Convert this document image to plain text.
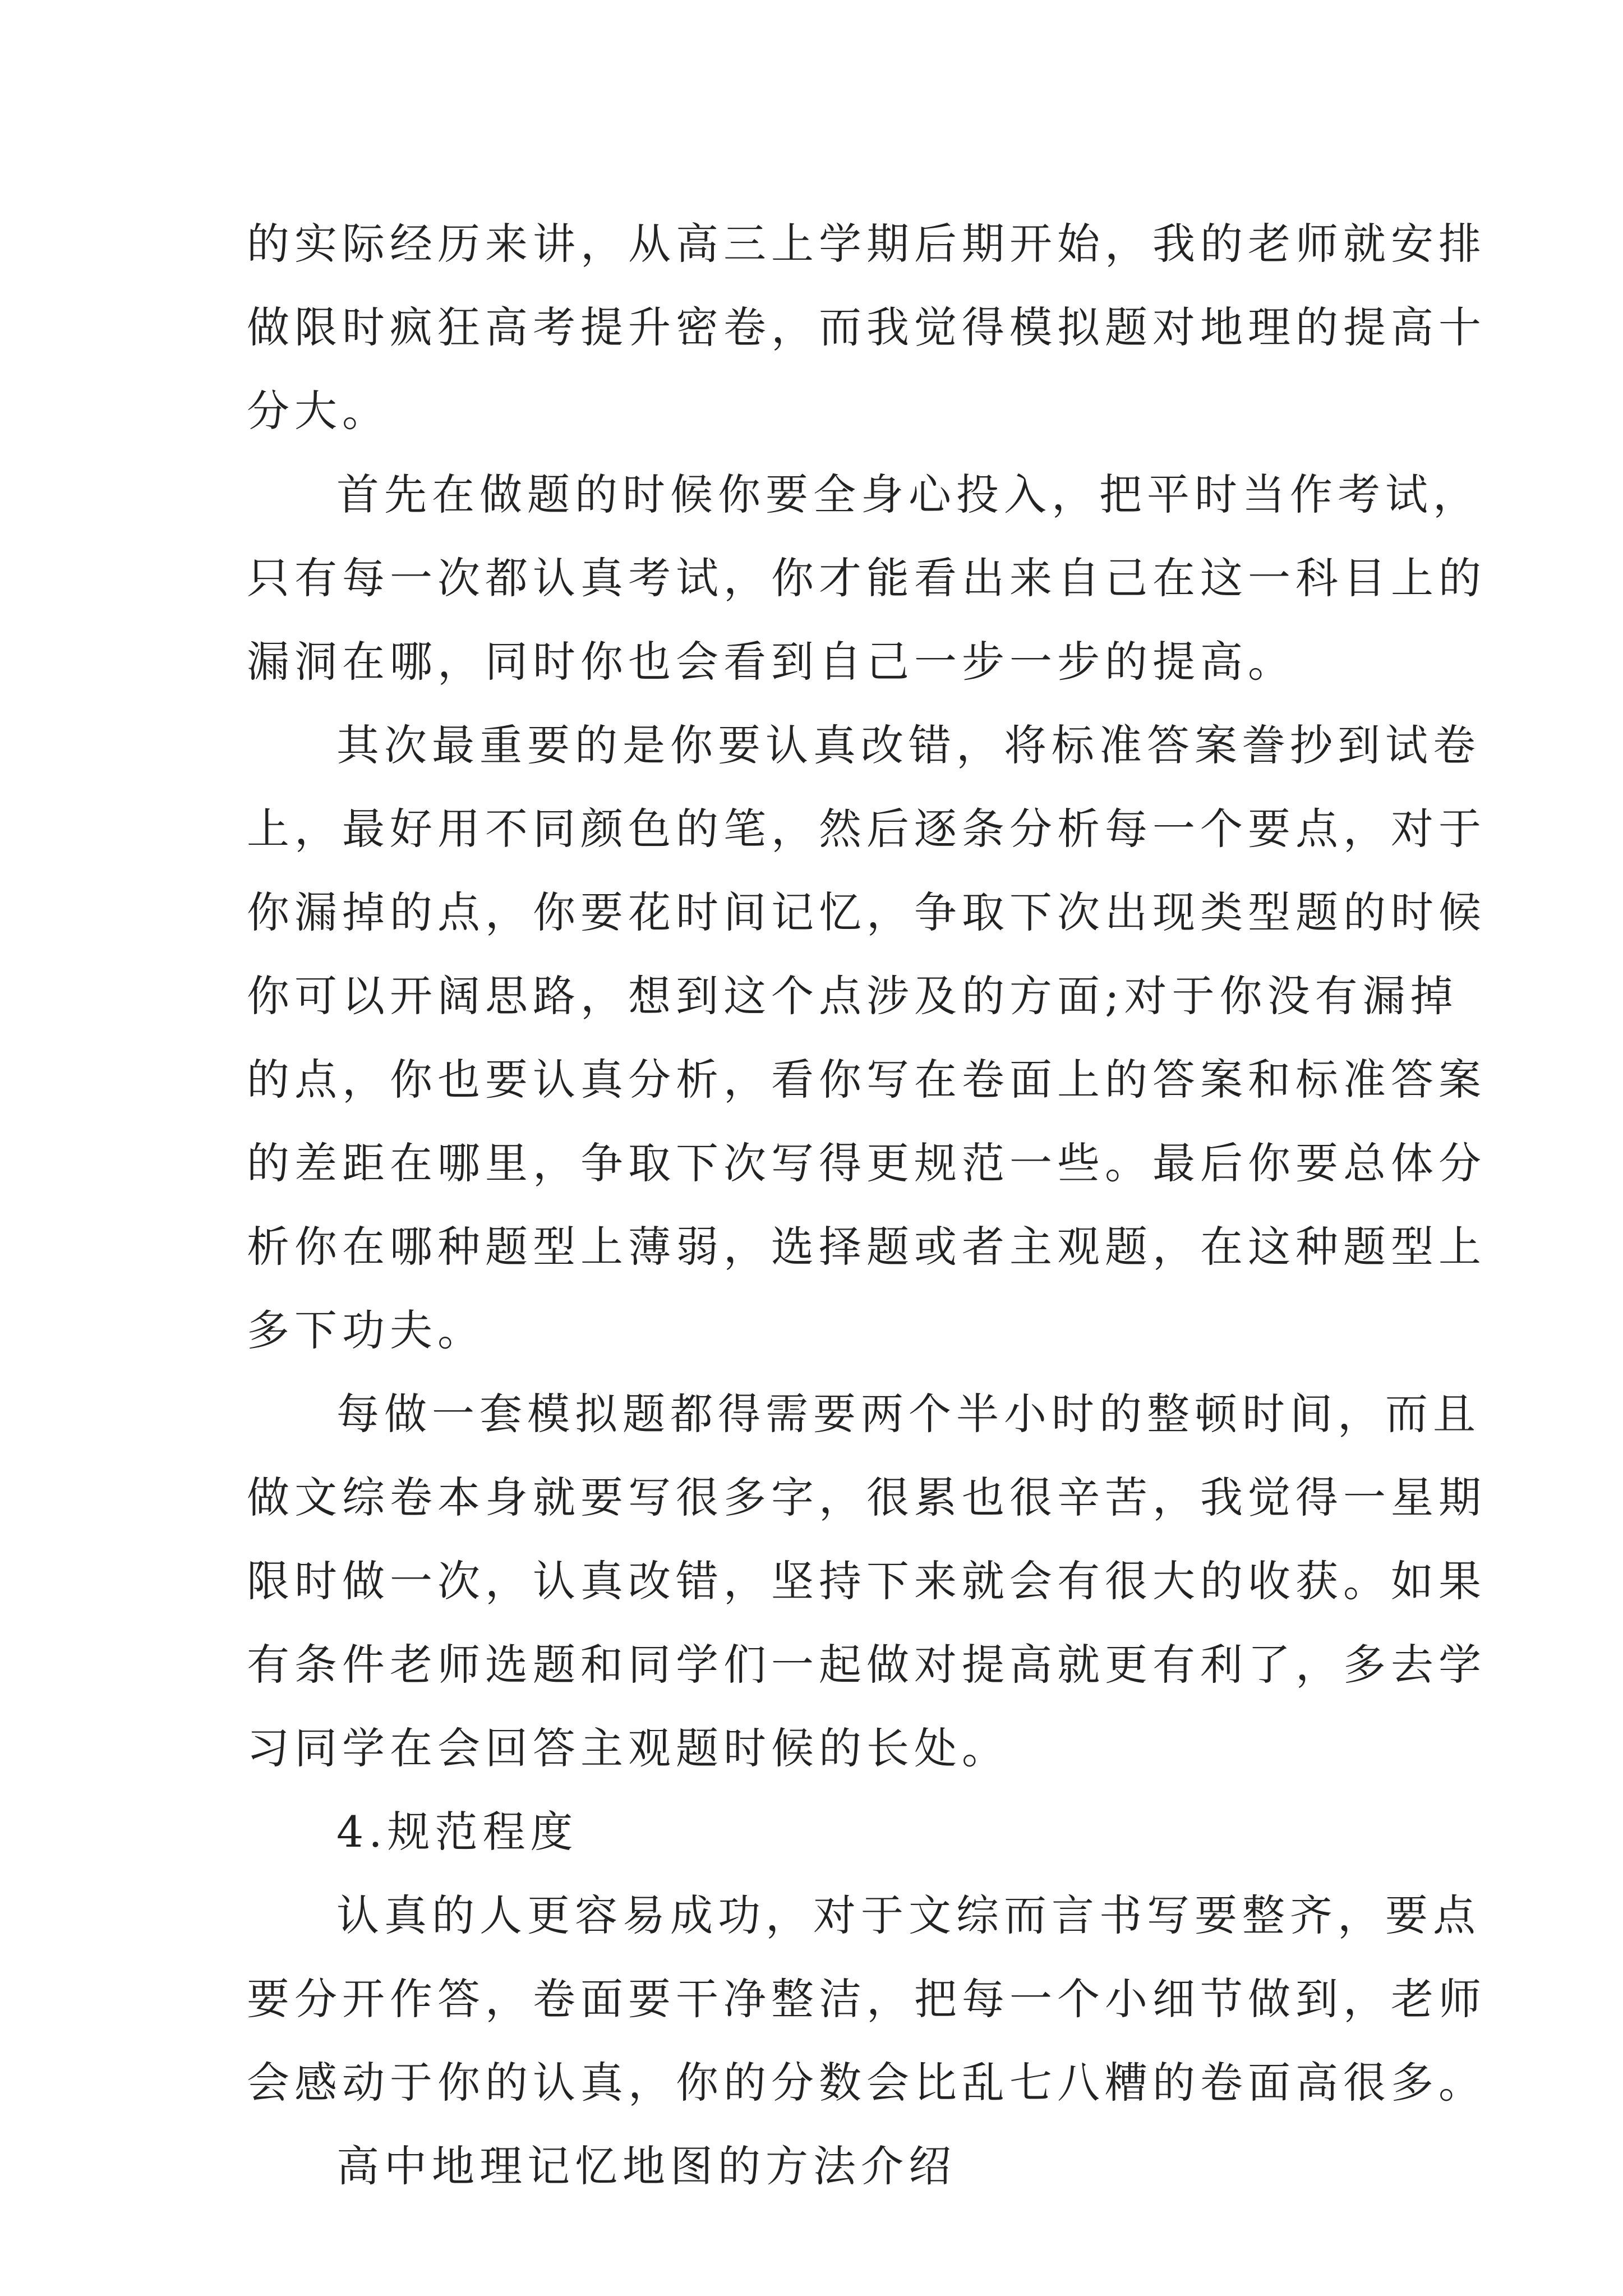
的实际经历来讲，从高三上学期后期开始，我的老师就安排

做限时疯狂高考提升密卷，而我觉得模拟题对地理的提高十

分大。

首先在做题的时候你要全身心投入，把平时当作考试，

只有每一次都认真考试，你才能看出来自己在这一科目上的

漏洞在哪，同时你也会看到自己一步一步的提高。

其次最重要的是你要认真改错，将标准答案誊抄到试卷

上，最好用不同颜色的笔，然后逐条分析每一个要点，对于

你漏掉的点，你要花时间记忆，争取下次出现类型题的时候

你可以开阔思路，想到这个点涉及的方面;对于你没有漏掉

的点，你也要认真分析，看你写在卷面上的答案和标准答案

的差距在哪里，争取下次写得更规范一些。最后你要总体分

析你在哪种题型上薄弱，选择题或者主观题，在这种题型上

多下功夫。

每做一套模拟题都得需要两个半小时的整顿时间，而且

做文综卷本身就要写很多字，很累也很辛苦，我觉得一星期

限时做一次，认真改错，坚持下来就会有很大的收获。如果

有条件老师选题和同学们一起做对提高就更有利了，多去学

习同学在会回答主观题时候的长处。

4.规范程度

认真的人更容易成功，对于文综而言书写要整齐，要点

要分开作答，卷面要干净整洁，把每一个小细节做到，老师

会感动于你的认真，你的分数会比乱七八糟的卷面高很多。

高中地理记忆地图的方法介绍
